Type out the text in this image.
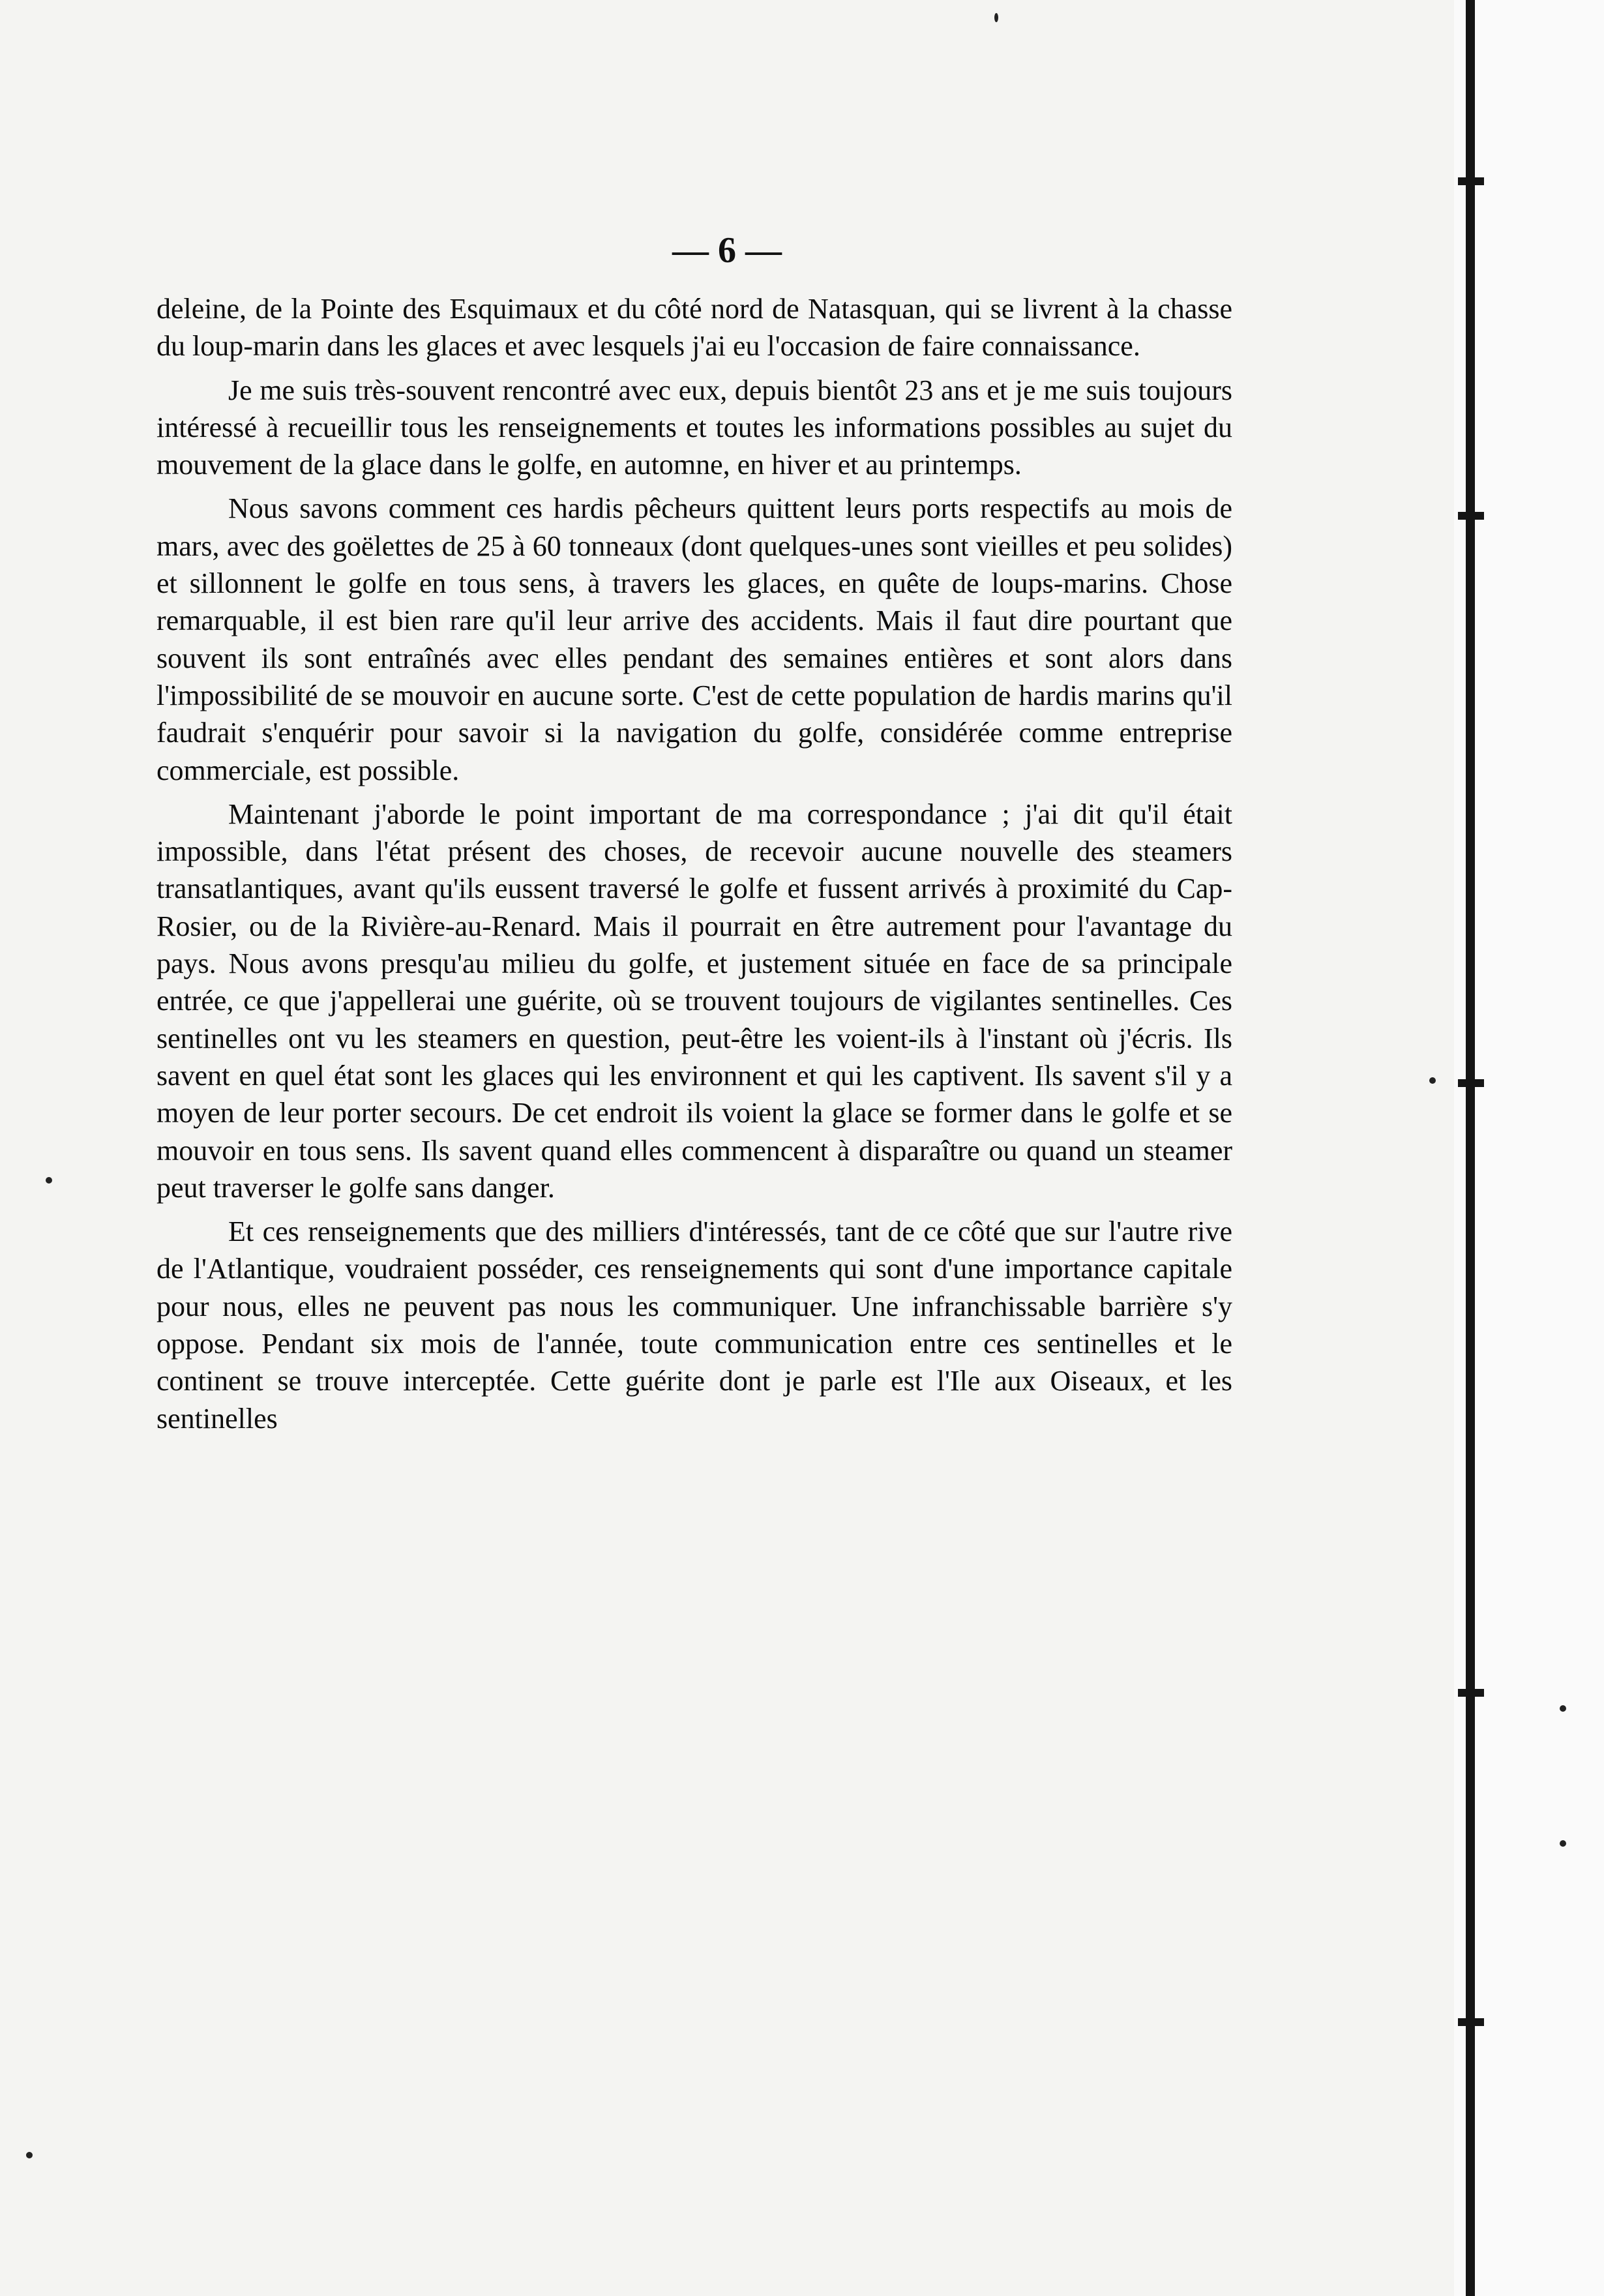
— 6 —

deleine, de la Pointe des Esquimaux et du côté nord de Natasquan, qui se livrent à la chasse du loup-marin dans les glaces et avec lesquels j'ai eu l'occasion de faire connaissance.

Je me suis très-souvent rencontré avec eux, depuis bientôt 23 ans et je me suis toujours intéressé à recueillir tous les renseignements et toutes les informations possibles au sujet du mouvement de la glace dans le golfe, en automne, en hiver et au printemps.

Nous savons comment ces hardis pêcheurs quittent leurs ports respectifs au mois de mars, avec des goëlettes de 25 à 60 tonneaux (dont quelques-unes sont vieilles et peu solides) et sillonnent le golfe en tous sens, à travers les glaces, en quête de loups-marins. Chose remarquable, il est bien rare qu'il leur arrive des accidents. Mais il faut dire pourtant que souvent ils sont entraînés avec elles pendant des semaines entières et sont alors dans l'impossibilité de se mouvoir en aucune sorte. C'est de cette population de hardis marins qu'il faudrait s'enquérir pour savoir si la navigation du golfe, considérée comme entreprise commerciale, est possible.

Maintenant j'aborde le point important de ma correspondance ; j'ai dit qu'il était impossible, dans l'état présent des choses, de recevoir aucune nouvelle des steamers transatlantiques, avant qu'ils eussent traversé le golfe et fussent arrivés à proximité du Cap-Rosier, ou de la Rivière-au-Renard. Mais il pourrait en être autrement pour l'avantage du pays. Nous avons presqu'au milieu du golfe, et justement située en face de sa principale entrée, ce que j'appellerai une guérite, où se trouvent toujours de vigilantes sentinelles. Ces sentinelles ont vu les steamers en question, peut-être les voient-ils à l'instant où j'écris. Ils savent en quel état sont les glaces qui les environnent et qui les captivent. Ils savent s'il y a moyen de leur porter secours. De cet endroit ils voient la glace se former dans le golfe et se mouvoir en tous sens. Ils savent quand elles commencent à disparaître ou quand un steamer peut traverser le golfe sans danger.

Et ces renseignements que des milliers d'intéressés, tant de ce côté que sur l'autre rive de l'Atlantique, voudraient posséder, ces renseignements qui sont d'une importance capitale pour nous, elles ne peuvent pas nous les communiquer. Une infranchissable barrière s'y oppose. Pendant six mois de l'année, toute communication entre ces sentinelles et le continent se trouve interceptée. Cette guérite dont je parle est l'Ile aux Oiseaux, et les sentinelles
